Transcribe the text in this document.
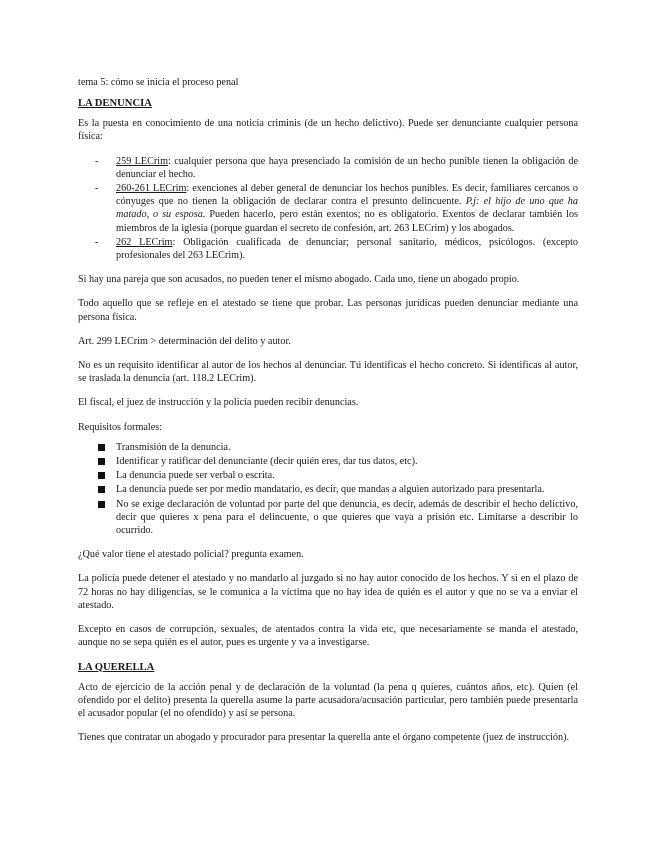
tema 5: cómo se inicia el proceso penal

LA DENUNCIA

Es la puesta en conocimiento de una noticia criminis (de un hecho delictivo). Puede ser denunciante cualquier persona física:

- 259 LECrim: cualquier persona que haya presenciado la comisión de un hecho punible tienen la obligación de denunciar el hecho.
- 260-261 LECrim: exenciones al deber general de denunciar los hechos punibles. Es decir, familiares cercanos o cónyuges que no tienen la obligación de declarar contra el presunto delincuente. P.j: el hijo de uno que ha matado, o su esposa. Pueden hacerlo, pero están exentos; no es obligatorio. Exentos de declarar también los miembros de la iglesia (porque guardan el secreto de confesión, art. 263 LECrim) y los abogados.
- 262 LECrim: Obligación cualificada de denunciar; personal sanitario, médicos, psicólogos. (excepto profesionales del 263 LECrim).

Si hay una pareja que son acusados, no pueden tener el mismo abogado. Cada uno, tiene un abogado propio.

Todo aquello que se refleje en el atestado se tiene que probar. Las personas jurídicas pueden denunciar mediante una persona física.

Art. 299 LECrim > determinación del delito y autor.

No es un requisito identificar al autor de los hechos al denunciar. Tú identificas el hecho concreto. Si identificas al autor, se traslada la denuncia (art. 118.2 LECrim).

El fiscal, el juez de instrucción y la policía pueden recibir denuncias.

Requisitos formales:

Transmisión de la denuncia.
Identificar y ratificar del denunciante (decir quién eres, dar tus datos, etc).
La denuncia puede ser verbal o escrita.
La denuncia puede ser por medio mandatario, es decir, que mandas a alguien autorizado para presentarla.
No se exige declaración de voluntad por parte del que denuncia, es decir, además de describir el hecho delictivo, decir que quieres x pena para el delincuente, o que quieres que vaya a prisión etc. Limitarse a describir lo ocurrido.

¿Qué valor tiene el atestado policial? pregunta examen.

La policía puede detener el atestado y no mandarlo al juzgado si no hay autor conocido de los hechos. Y si en el plazo de 72 horas no hay diligencias, se le comunica a la víctima que no hay idea de quién es el autor y que no se va a enviar el atestado.

Excepto en casos de corrupción, sexuales, de atentados contra la vida etc, que necesariamente se manda el atestado, aunque no se sepa quién es el autor, pues es urgente y va a investigarse.

LA QUERELLA

Acto de ejercicio de la acción penal y de declaración de la voluntad (la pena q quieres, cuántos años, etc). Quien (el ofendido por el delito) presenta la querella asume la parte acusadora/acusación particular, pero también puede presentarla el acusador popular (el no ofendido) y así se persona.

Tienes que contratar un abogado y procurador para presentar la querella ante el órgano competente (juez de instrucción).
